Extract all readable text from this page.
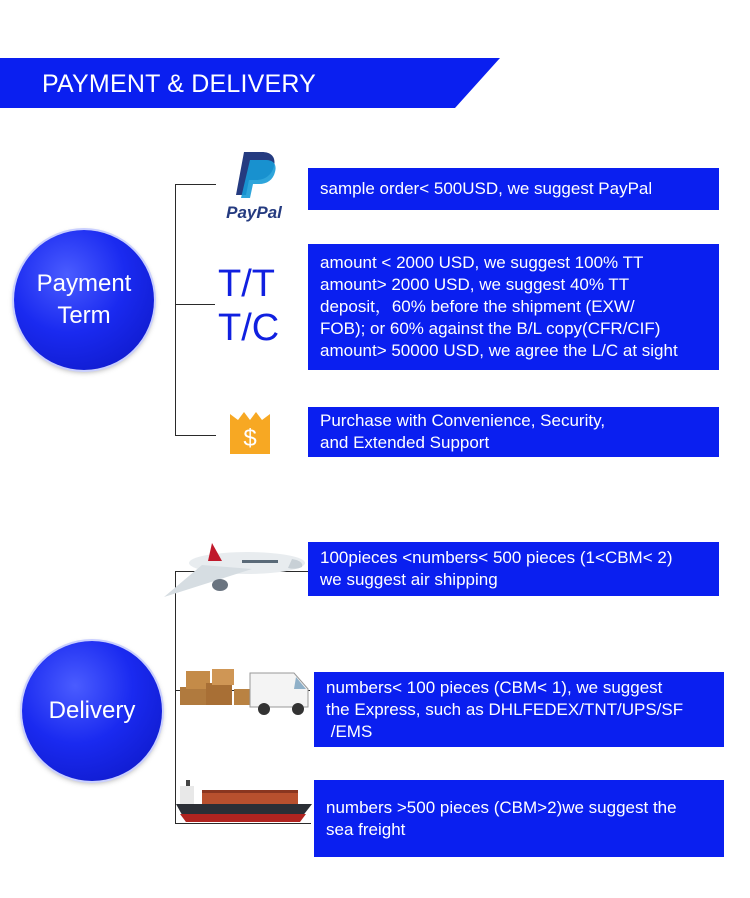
PAYMENT & DELIVERY
Payment
Term
PayPal
sample order< 500USD, we suggest PayPal
T/T
T/C
amount < 2000 USD, we suggest 100% TT
amount> 2000 USD, we suggest 40% TT
deposit，60% before the shipment (EXW/
FOB); or 60% against the B/L copy(CFR/CIF)
amount> 50000 USD, we agree the L/C at sight
$
Purchase with Convenience, Security,
and Extended Support
Delivery
100pieces <numbers< 500 pieces (1<CBM< 2)
we suggest air shipping
numbers< 100 pieces (CBM< 1), we suggest
the Express, such as DHLFEDEX/TNT/UPS/SF
/EMS
numbers >500 pieces (CBM>2)we suggest the
sea freight
